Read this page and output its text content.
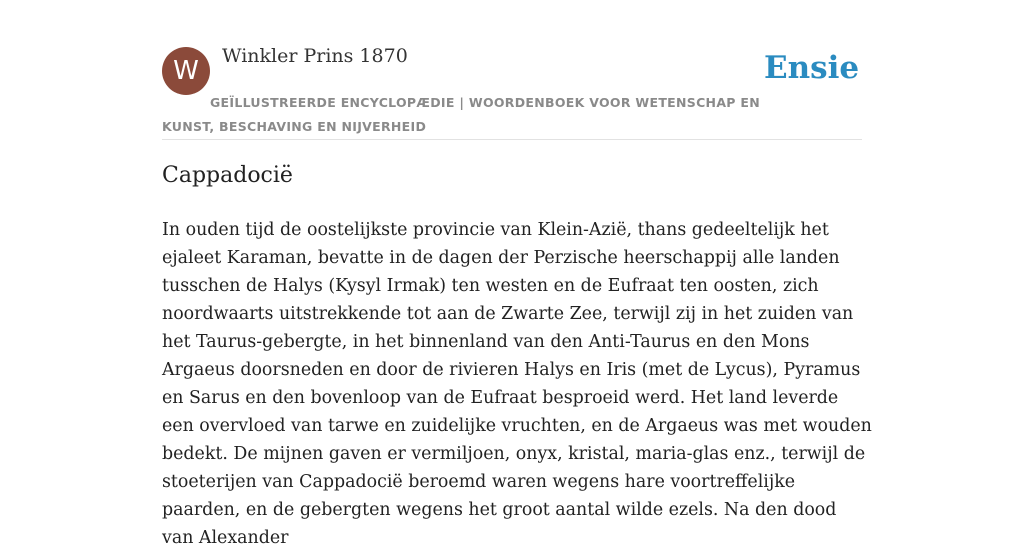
W	Winkler Prins 1870	Ensie
GEÏLLUSTREERDE ENCYCLOPÆDIE | WOORDENBOEK VOOR WETENSCHAP EN KUNST, BESCHAVING EN NIJVERHEID
Cappadocië

In ouden tijd de oostelijkste provincie van Klein-Azië, thans gedeeltelijk het ejaleet Karaman, bevatte in de dagen der Perzische heerschappij alle landen tusschen de Halys (Kysyl Irmak) ten westen en de Eufraat ten oosten, zich noordwaarts uitstrekkende tot aan de Zwarte Zee, terwijl zij in het zuiden van het Taurus-gebergte, in het binnenland van den Anti-Taurus en den Mons Argaeus doorsneden en door de rivieren Halys en Iris (met de Lycus), Pyramus en Sarus en den bovenloop van de Eufraat besproeid werd. Het land leverde een overvloed van tarwe en zuidelijke vruchten, en de Argaeus was met wouden bedekt. De mijnen gaven er vermiljoen, onyx, kristal, maria-glas enz., terwijl de stoeterijen van Cappadocië beroemd waren wegens hare voortreffelijke paarden, en de gebergten wegens het groot aantal wilde ezels. Na den dood van Alexander
